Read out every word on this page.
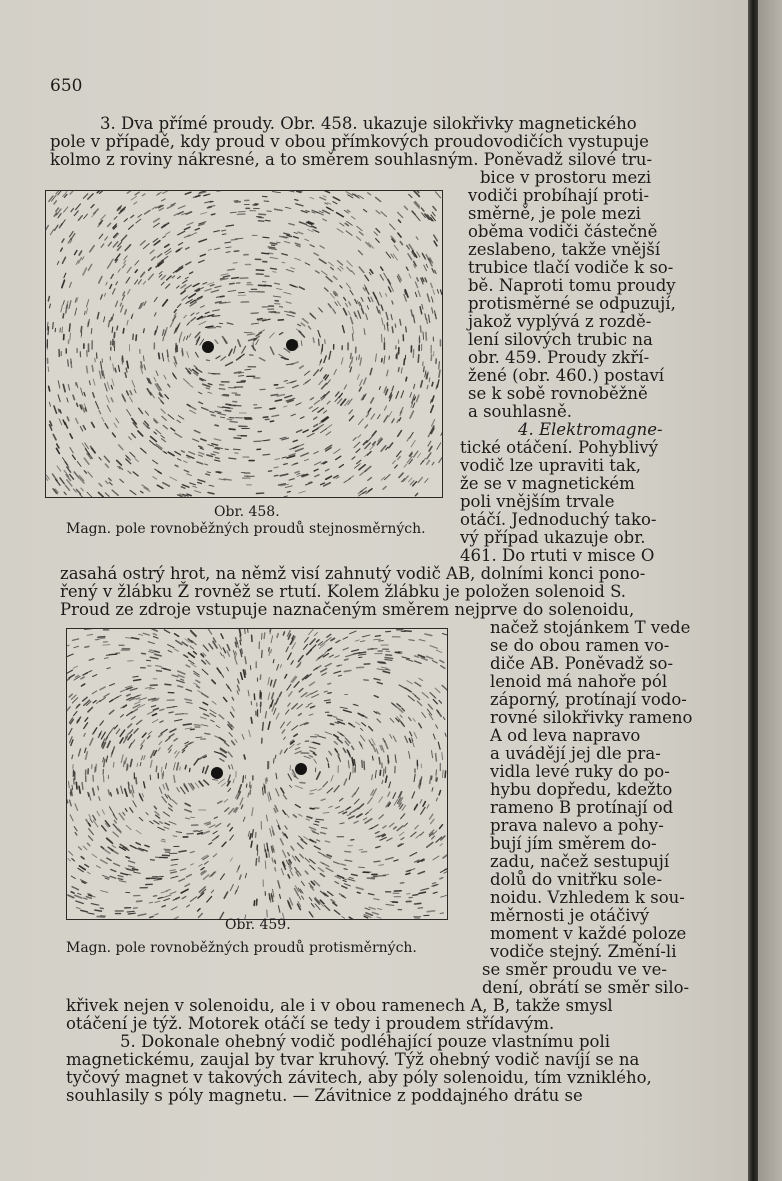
650
Obr. 458.
Magn. pole rovnoběžných proudů stejnosměrných.
Obr. 459.
Magn. pole rovnoběžných proudů protisměrných.
3. Dva přímé proudy. Obr. 458. ukazuje silokřivky magnetického
pole v případě, kdy proud v obou přímkových proudovodičích vystupuje
kolmo z roviny nákresné, a to směrem souhlasným. Poněvadž silové tru-
bice v prostoru mezi
vodiči probíhají proti-
směrně, je pole mezi
oběma vodiči částečně
zeslabeno, takže vnější
trubice tlačí vodiče k so-
bě. Naproti tomu proudy
protisměrné se odpuzují,
jakož vyplývá z rozdě-
lení silových trubic na
obr. 459. Proudy zkří-
žené (obr. 460.) postaví
se k sobě rovnoběžně
a souhlasně.
4. Elektromagne-
tické otáčení. Pohyblivý
vodič lze upraviti tak,
že se v magnetickém
poli vnějším trvale
otáčí. Jednoduchý tako-
vý případ ukazuje obr.
461. Do rtuti v misce O
zasahá ostrý hrot, na němž visí zahnutý vodič AB, dolními konci pono-
řený v žlábku Ž rovněž se rtutí. Kolem žlábku je položen solenoid S.
Proud ze zdroje vstupuje naznačeným směrem nejprve do solenoidu,
načež stojánkem T vede
se do obou ramen vo-
diče AB. Poněvadž so-
lenoid má nahoře pól
záporný, protínají vodo-
rovné silokřivky rameno
A od leva napravo
a uvádějí jej dle pra-
vidla levé ruky do po-
hybu dopředu, kdežto
rameno B protínají od
prava nalevo a pohy-
bují jím směrem do-
zadu, načež sestupují
dolů do vnitřku sole-
noidu. Vzhledem k sou-
měrnosti je otáčivý
moment v každé poloze
vodiče stejný. Změní-li
se směr proudu ve ve-
dení, obrátí se směr silo-
křivek nejen v solenoidu, ale i v obou ramenech A, B, takže smysl
otáčení je týž. Motorek otáčí se tedy i proudem střídavým.
5. Dokonale ohebný vodič podléhající pouze vlastnímu poli
magnetickému, zaujal by tvar kruhový. Týž ohebný vodič navíjí se na
tyčový magnet v takových závitech, aby póly solenoidu, tím vzniklého,
souhlasily s póly magnetu. — Závitnice z poddajného drátu se
